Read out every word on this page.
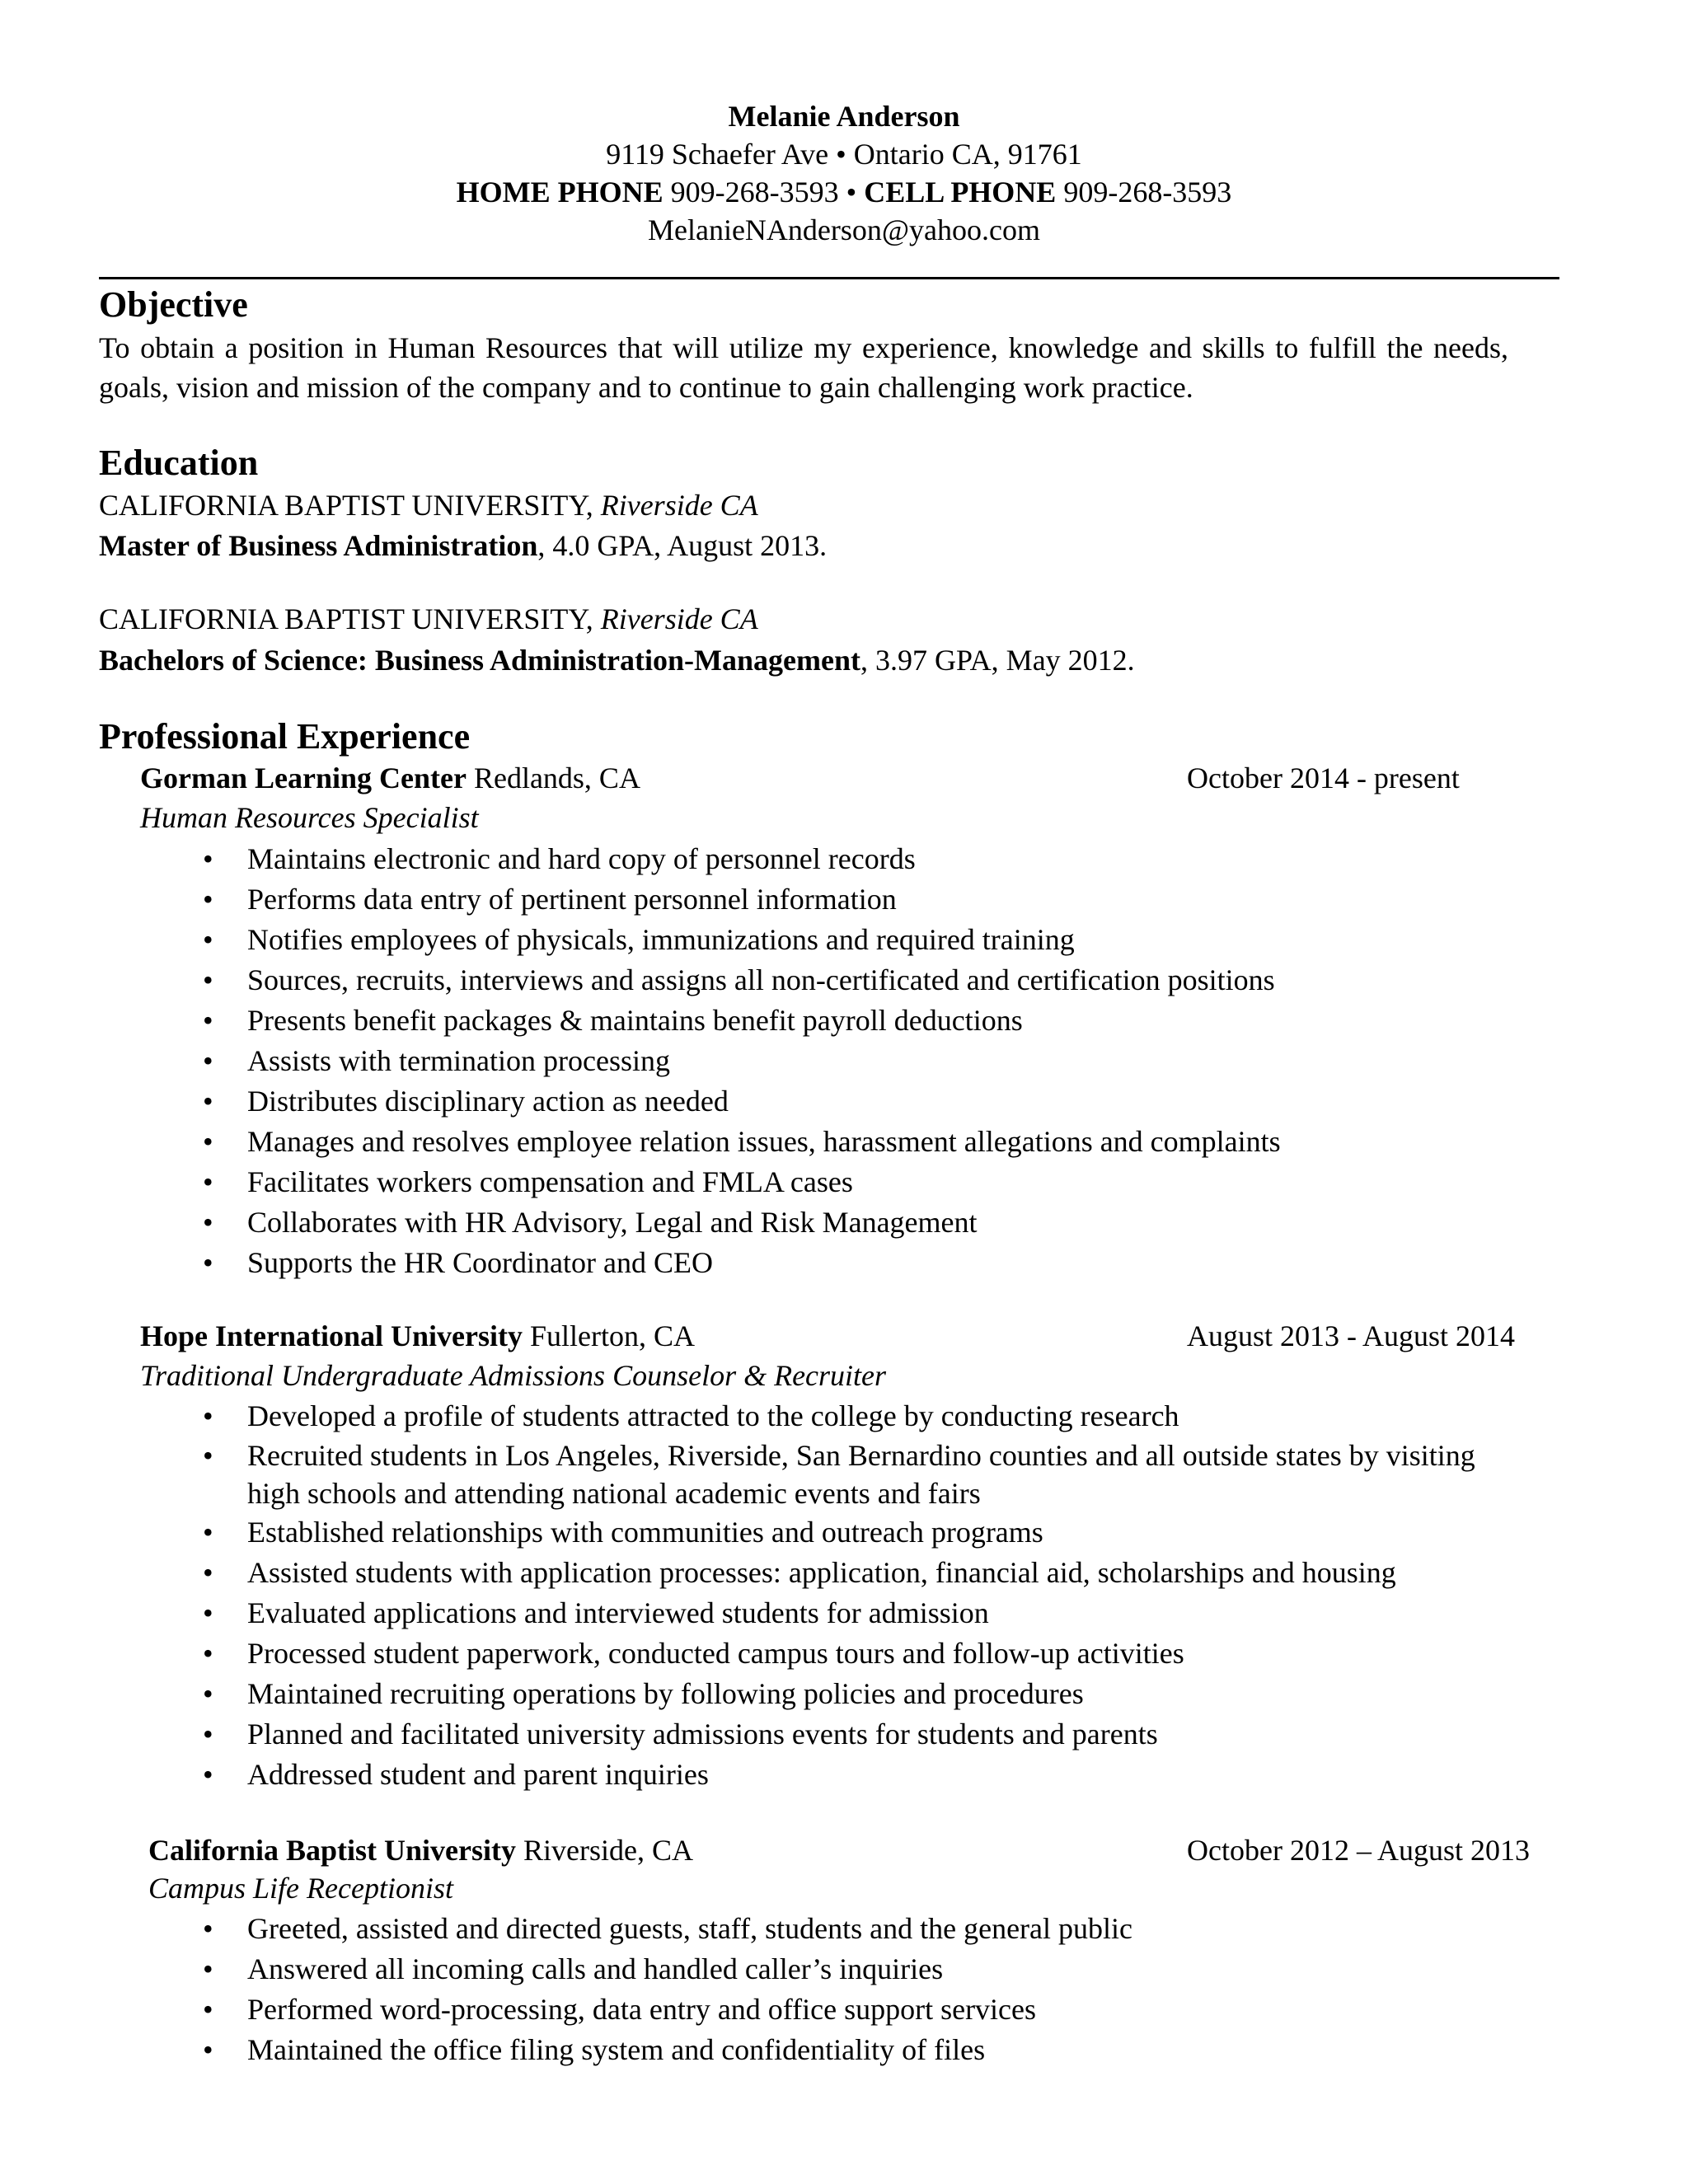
Melanie Anderson
9119 Schaefer Ave • Ontario CA, 91761
HOME PHONE 909-268-3593 • CELL PHONE 909-268-3593
MelanieNAnderson@yahoo.com
Objective
To obtain a position in Human Resources that will utilize my experience, knowledge and skills to fulfill the needs, goals, vision and mission of the company and to continue to gain challenging work practice.
Education
CALIFORNIA BAPTIST UNIVERSITY, Riverside CA
Master of Business Administration, 4.0 GPA, August 2013.
CALIFORNIA BAPTIST UNIVERSITY, Riverside CA
Bachelors of Science: Business Administration-Management, 3.97 GPA, May 2012.
Professional Experience
Gorman Learning Center Redlands, CA	October 2014 - present
Human Resources Specialist
• Maintains electronic and hard copy of personnel records
• Performs data entry of pertinent personnel information
• Notifies employees of physicals, immunizations and required training
• Sources, recruits, interviews and assigns all non-certificated and certification positions
• Presents benefit packages & maintains benefit payroll deductions
• Assists with termination processing
• Distributes disciplinary action as needed
• Manages and resolves employee relation issues, harassment allegations and complaints
• Facilitates workers compensation and FMLA cases
• Collaborates with HR Advisory, Legal and Risk Management
• Supports the HR Coordinator and CEO
Hope International University Fullerton, CA	August 2013 - August 2014
Traditional Undergraduate Admissions Counselor & Recruiter
• Developed a profile of students attracted to the college by conducting research
• Recruited students in Los Angeles, Riverside, San Bernardino counties and all outside states by visiting high schools and attending national academic events and fairs
• Established relationships with communities and outreach programs
• Assisted students with application processes: application, financial aid, scholarships and housing
• Evaluated applications and interviewed students for admission
• Processed student paperwork, conducted campus tours and follow-up activities
• Maintained recruiting operations by following policies and procedures
• Planned and facilitated university admissions events for students and parents
• Addressed student and parent inquiries
California Baptist University Riverside, CA	October 2012 – August 2013
Campus Life Receptionist
• Greeted, assisted and directed guests, staff, students and the general public
• Answered all incoming calls and handled caller’s inquiries
• Performed word-processing, data entry and office support services
• Maintained the office filing system and confidentiality of files
